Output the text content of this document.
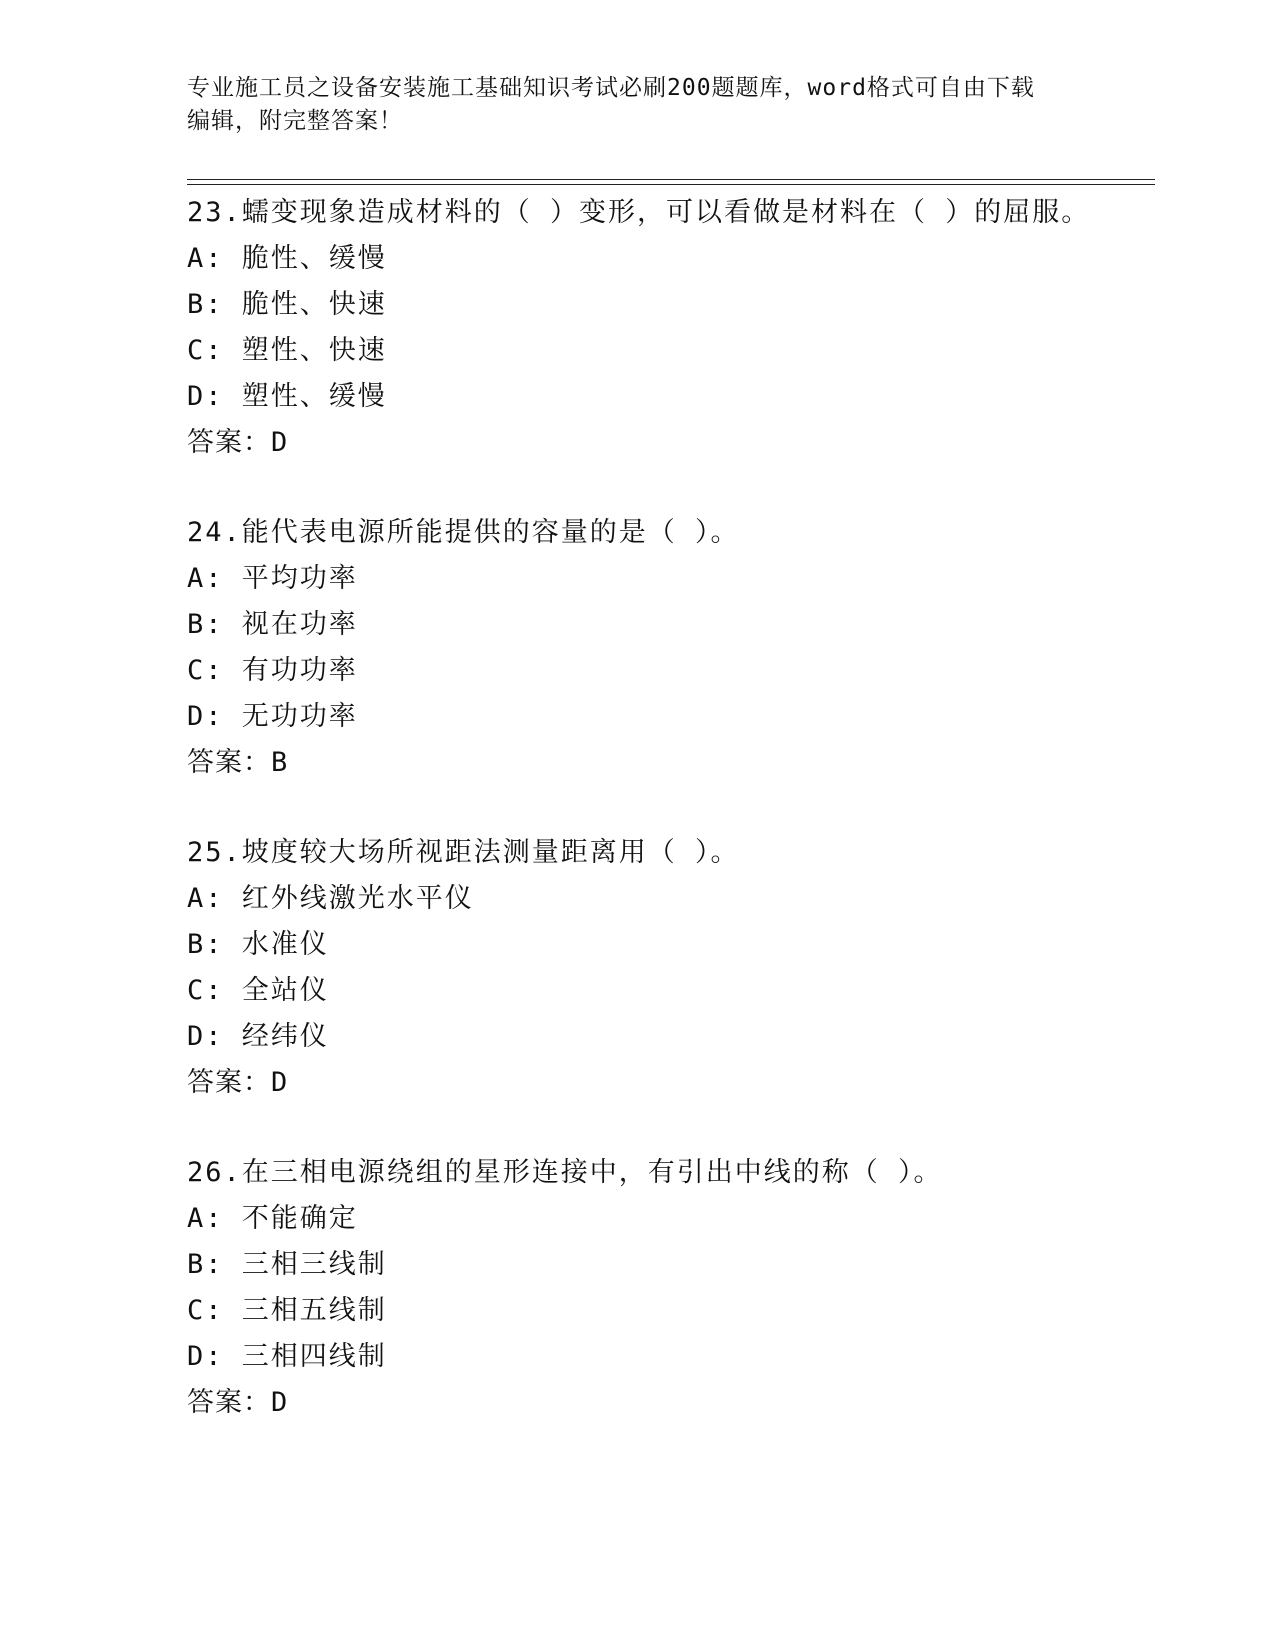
专业施工员之设备安装施工基础知识考试必刷200题题库，word格式可自由下载
编辑，附完整答案！
23.蠕变现象造成材料的（ ）变形，可以看做是材料在（ ）的屈服。
A: 脆性、缓慢
B: 脆性、快速
C: 塑性、快速
D: 塑性、缓慢
答案：D
24.能代表电源所能提供的容量的是（ ）。
A: 平均功率
B: 视在功率
C: 有功功率
D: 无功功率
答案：B
25.坡度较大场所视距法测量距离用（ ）。
A: 红外线激光水平仪
B: 水准仪
C: 全站仪
D: 经纬仪
答案：D
26.在三相电源绕组的星形连接中，有引出中线的称（ ）。
A: 不能确定
B: 三相三线制
C: 三相五线制
D: 三相四线制
答案：D
